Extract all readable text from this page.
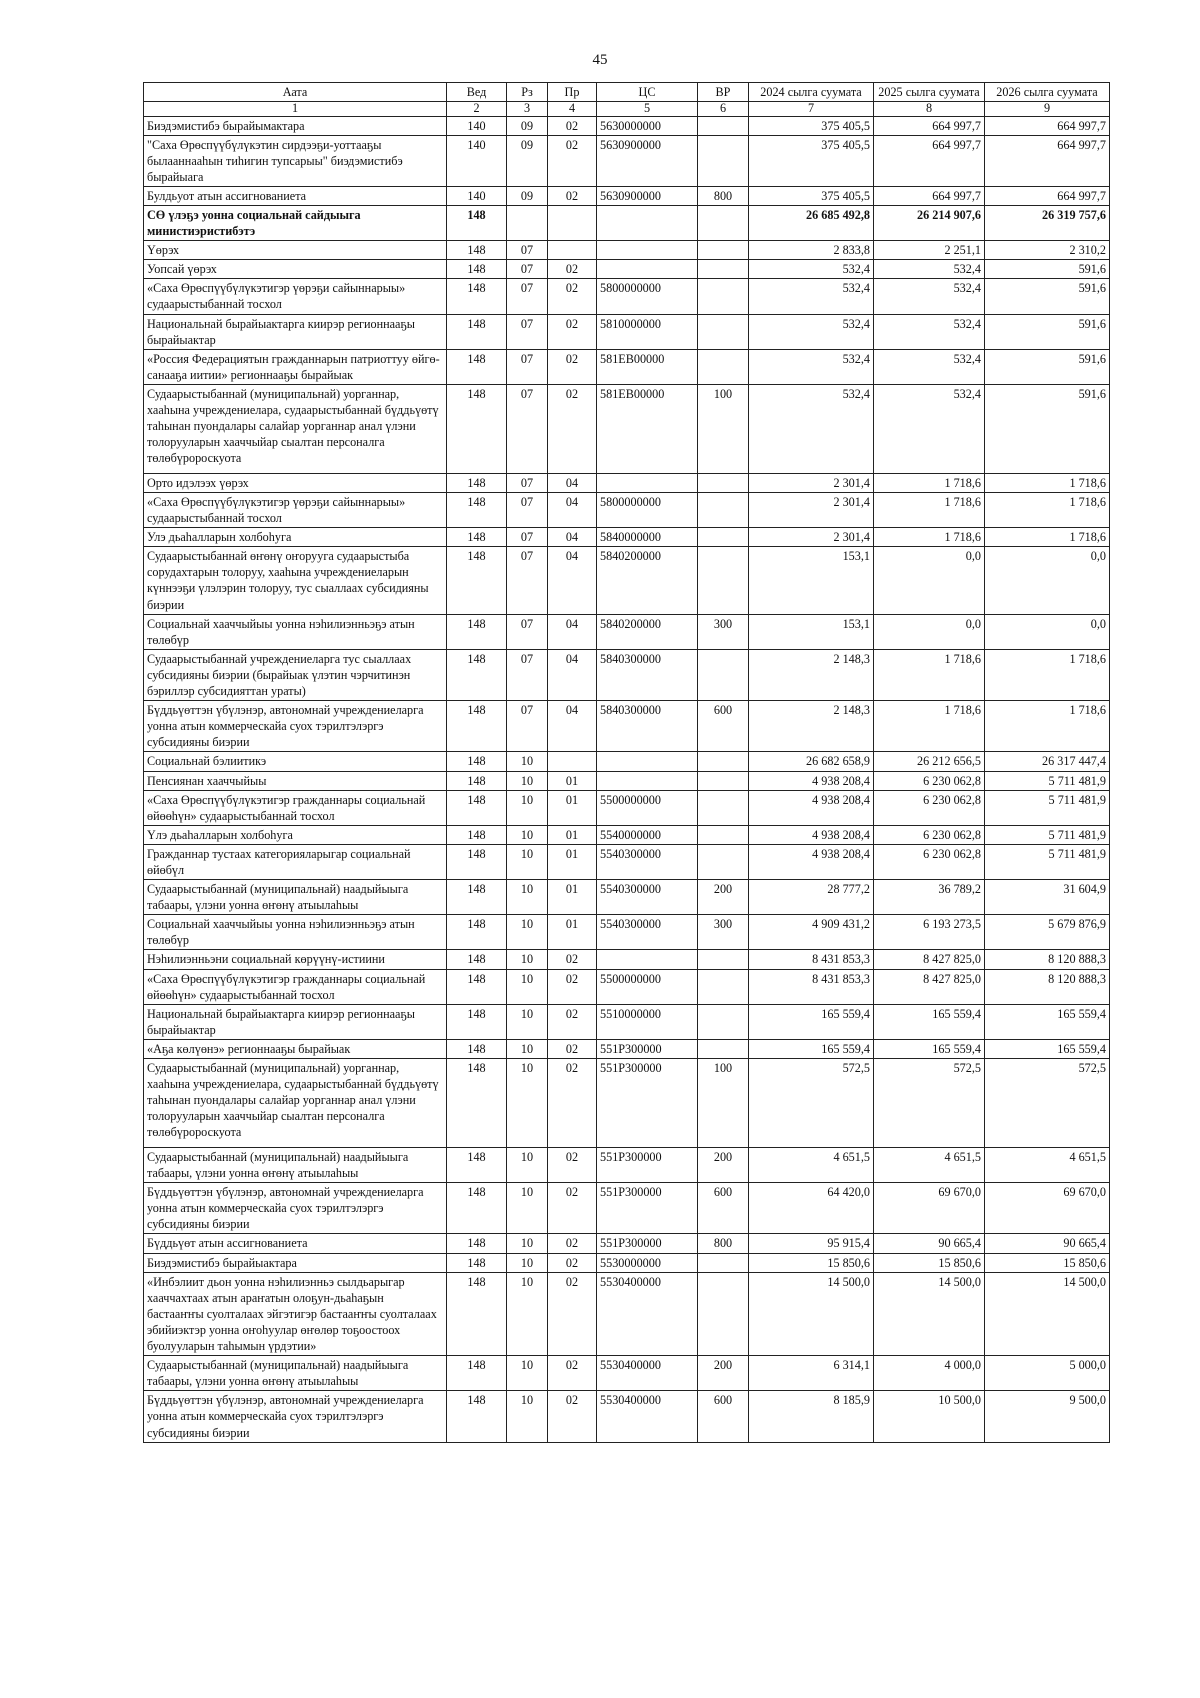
45
Аата	Вед	Рз	Пр	ЦС	ВР	2024 сылга суумата	2025 сылга суумата	2026 сылга суумата
1	2	3	4	5	6	7	8	9
Биэдэмистибэ бырайымактара	140	09	02	5630000000		375 405,5	664 997,7	664 997,7
"Саха Өрөспүүбүлүкэтин сирдээҕи-уоттааҕы былааннааһын тиһигин тупсарыы" биэдэмистибэ бырайыага	140	09	02	5630900000		375 405,5	664 997,7	664 997,7
Булдьуот атын ассигнованиета	140	09	02	5630900000	800	375 405,5	664 997,7	664 997,7
СӨ үлэҕэ уонна социальнай сайдыыга министиэристибэтэ	148					26 685 492,8	26 214 907,6	26 319 757,6
Үөрэх	148	07				2 833,8	2 251,1	2 310,2
Уопсай үөрэх	148	07	02			532,4	532,4	591,6
«Саха Өрөспүүбүлүкэтигэр үөрэҕи сайыннарыы» судаарыстыбаннай тосхол	148	07	02	5800000000		532,4	532,4	591,6
Национальнай бырайыактарга киирэр регионнааҕы бырайыактар	148	07	02	5810000000		532,4	532,4	591,6
«Россия Федерациятын гражданнарын патриоттуу өйгө-санааҕа иитии» регионнааҕы бырайыак	148	07	02	581ЕВ00000		532,4	532,4	591,6
Судаарыстыбаннай (муниципальнай) уорганнар, хааһына учреждениелара, судаарыстыбаннай бүддьүөтү таһынан пуондалары салайар уорганнар анал үлэни толорууларын хааччыйар сыалтан персоналга төлөбүророскуота	148	07	02	581ЕВ00000	100	532,4	532,4	591,6
Орто идэлээх үөрэх	148	07	04			2 301,4	1 718,6	1 718,6
«Саха Өрөспүүбүлүкэтигэр үөрэҕи сайыннарыы» судаарыстыбаннай тосхол	148	07	04	5800000000		2 301,4	1 718,6	1 718,6
Улэ дьаһалларын холбоһуга	148	07	04	5840000000		2 301,4	1 718,6	1 718,6
Судаарыстыбаннай өҥөнү оҥорууга судаарыстыба сорудахтарын толоруу, хааһына учреждениеларын күннээҕи үлэлэрин толоруу, тус сыаллаах субсидияны биэрии	148	07	04	5840200000		153,1	0,0	0,0
Социальнай хааччыйыы уонна нэһилиэнньэҕэ атын төлөбүр	148	07	04	5840200000	300	153,1	0,0	0,0
Судаарыстыбаннай учреждениеларга тус сыаллаах субсидияны биэрии (бырайыак үлэтин чэрчитинэн бэриллэр субсидияттан ураты)	148	07	04	5840300000		2 148,3	1 718,6	1 718,6
Бүддьүөттэн үбүлэнэр, автономнай учреждениеларга уонна атын коммерческайа суох тэрилтэлэргэ субсидияны биэрии	148	07	04	5840300000	600	2 148,3	1 718,6	1 718,6
Социальнай бэлиитикэ	148	10				26 682 658,9	26 212 656,5	26 317 447,4
Пенсиянан хааччыйыы	148	10	01			4 938 208,4	6 230 062,8	5 711 481,9
«Саха Өрөспүүбүлүкэтигэр гражданнары социальнай өйөөһүн» судаарыстыбаннай тосхол	148	10	01	5500000000		4 938 208,4	6 230 062,8	5 711 481,9
Үлэ дьаһалларын холбоһуга	148	10	01	5540000000		4 938 208,4	6 230 062,8	5 711 481,9
Гражданнар тустаах категорияларыгар социальнай өйөбүл	148	10	01	5540300000		4 938 208,4	6 230 062,8	5 711 481,9
Судаарыстыбаннай (муниципальнай) наадыйыыга табаары, үлэни уонна өҥөнү атыылаһыы	148	10	01	5540300000	200	28 777,2	36 789,2	31 604,9
Социальнай хааччыйыы уонна нэһилиэнньэҕэ атын төлөбүр	148	10	01	5540300000	300	4 909 431,2	6 193 273,5	5 679 876,9
Нэһилиэнньэни социальнай көрүүнү-истиини	148	10	02			8 431 853,3	8 427 825,0	8 120 888,3
«Саха Өрөспүүбүлүкэтигэр гражданнары социальнай өйөөһүн» судаарыстыбаннай тосхол	148	10	02	5500000000		8 431 853,3	8 427 825,0	8 120 888,3
Национальнай бырайыактарга киирэр регионнааҕы бырайыактар	148	10	02	5510000000		165 559,4	165 559,4	165 559,4
«Аҕа көлүөнэ» регионнааҕы бырайыак	148	10	02	551Р300000		165 559,4	165 559,4	165 559,4
Судаарыстыбаннай (муниципальнай) уорганнар, хааһына учреждениелара, судаарыстыбаннай бүддьүөтү таһынан пуондалары салайар уорганнар анал үлэни толорууларын хааччыйар сыалтан персоналга төлөбүророскуота	148	10	02	551Р300000	100	572,5	572,5	572,5
Судаарыстыбаннай (муниципальнай) наадыйыыга табаары, үлэни уонна өҥөнү атыылаһыы	148	10	02	551Р300000	200	4 651,5	4 651,5	4 651,5
Бүддьүөттэн үбүлэнэр, автономнай учреждениеларга уонна атын коммерческайа суох тэрилтэлэргэ субсидияны биэрии	148	10	02	551Р300000	600	64 420,0	69 670,0	69 670,0
Бүддьүөт атын ассигнованиета	148	10	02	551Р300000	800	95 915,4	90 665,4	90 665,4
Биэдэмистибэ бырайыактара	148	10	02	5530000000		15 850,6	15 850,6	15 850,6
«Инбэлиит дьон уонна нэһилиэнньэ сылдьарыгар хааччахтаах атын араҥатын олоҕун-дьаһаҕын бастааҥҥы суолталаах эйгэтигэр бастааҥҥы суолталаах эбийиэктэр уонна оҥоһуулар өҥөлөр тоҕоостоох буолууларын таһымын үрдэтии»	148	10	02	5530400000		14 500,0	14 500,0	14 500,0
Судаарыстыбаннай (муниципальнай) наадыйыыга табаары, үлэни уонна өҥөнү атыылаһыы	148	10	02	5530400000	200	6 314,1	4 000,0	5 000,0
Бүддьүөттэн үбүлэнэр, автономнай учреждениеларга уонна атын коммерческайа суох тэрилтэлэргэ субсидияны биэрии	148	10	02	5530400000	600	8 185,9	10 500,0	9 500,0
